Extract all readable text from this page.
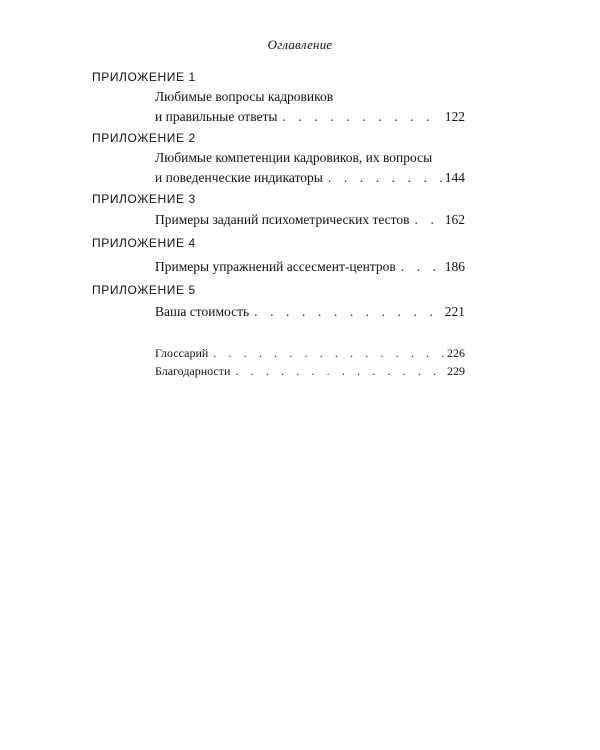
Оглавление
ПРИЛОЖЕНИЕ 1
Любимые вопросы кадровиков
и правильные ответы . . .	122
ПРИЛОЖЕНИЕ 2
Любимые компетенции кадровиков, их вопросы
и поведенческие индикаторы . . .	144
ПРИЛОЖЕНИЕ 3
Примеры заданий психометрических тестов . . .	162
ПРИЛОЖЕНИЕ 4
Примеры упражнений ассесмент-центров . . .	186
ПРИЛОЖЕНИЕ 5
Ваша стоимость . . .	221
Глоссарий . . .	226
Благодарности . . .	229
